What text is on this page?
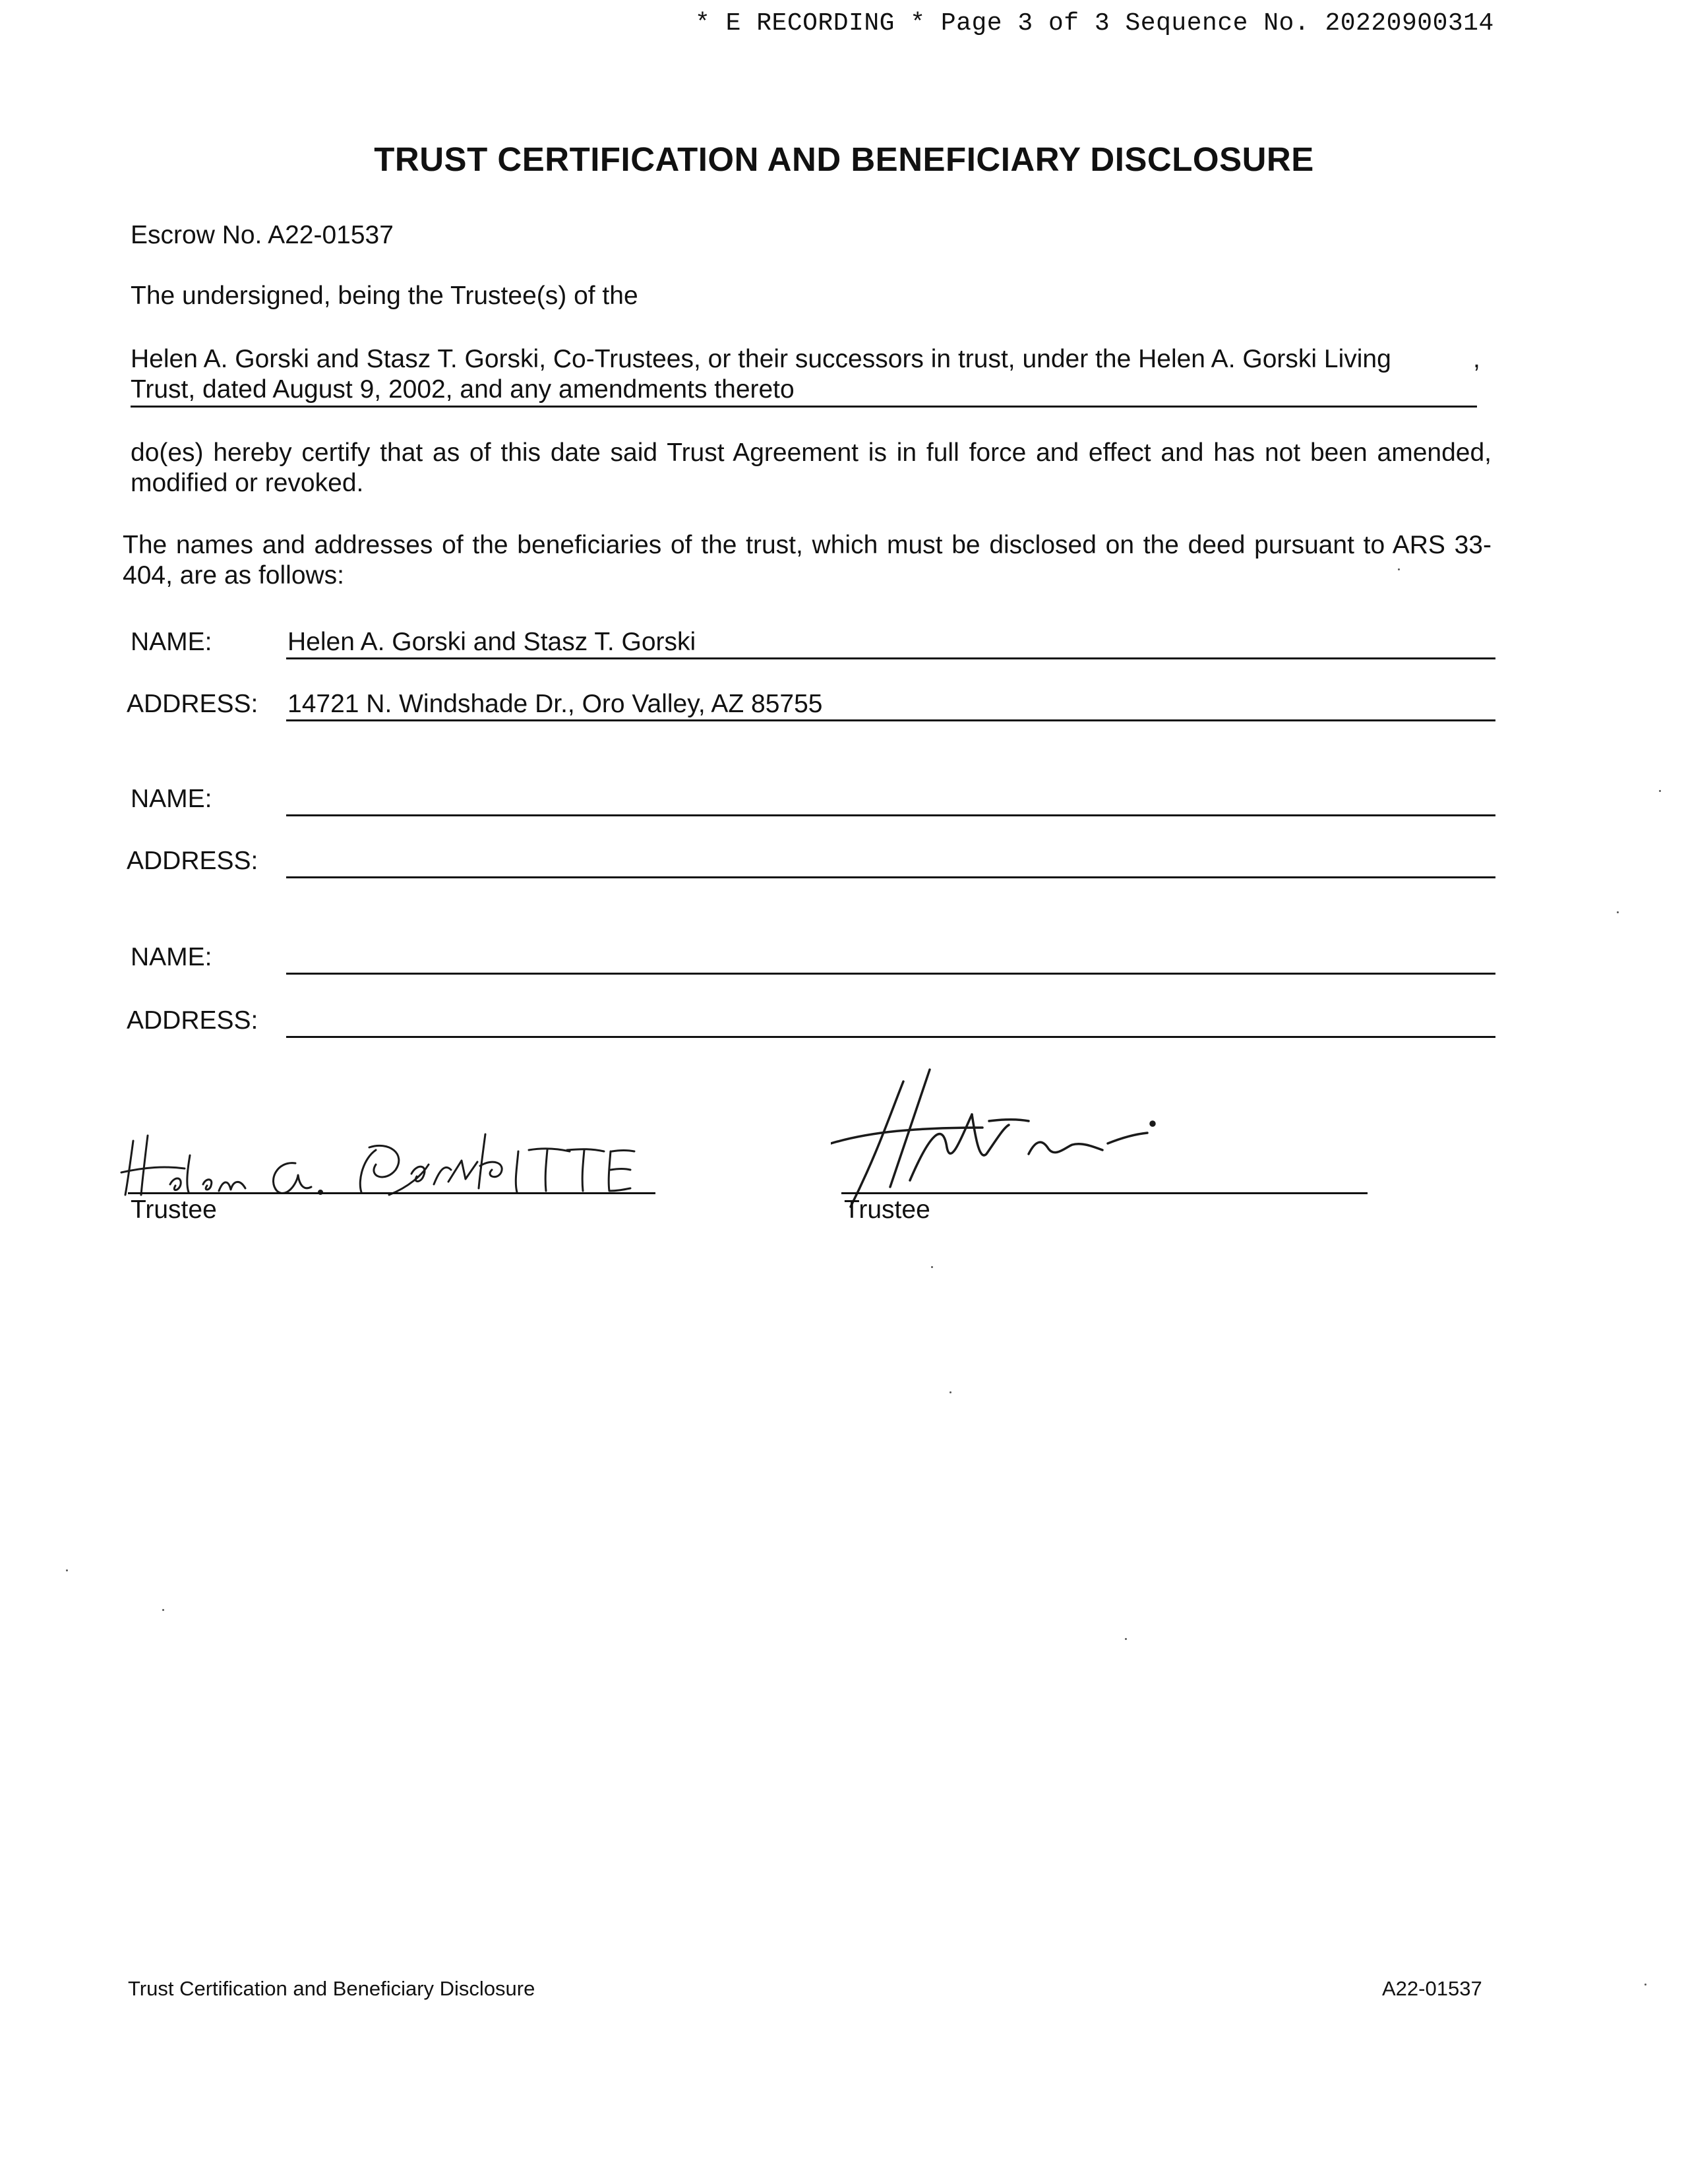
* E RECORDING * Page 3 of 3 Sequence No. 20220900314
TRUST CERTIFICATION AND BENEFICIARY DISCLOSURE
Escrow No. A22-01537
The undersigned, being the Trustee(s) of the
Helen A. Gorski and Stasz T. Gorski, Co-Trustees, or their successors in trust, under the Helen A. Gorski Living	,
Trust, dated August 9, 2002, and any amendments thereto
do(es) hereby certify that as of this date said Trust Agreement is in full force and effect and has not been amended, modified or revoked.
The names and addresses of the beneficiaries of the trust, which must be disclosed on the deed pursuant to ARS 33-404, are as follows:
NAME:	Helen A. Gorski and Stasz T. Gorski
ADDRESS: 14721 N. Windshade Dr., Oro Valley, AZ 85755
NAME:
ADDRESS:
NAME:
ADDRESS:
Trustee	Trustee
Trust Certification and Beneficiary Disclosure	A22-01537
